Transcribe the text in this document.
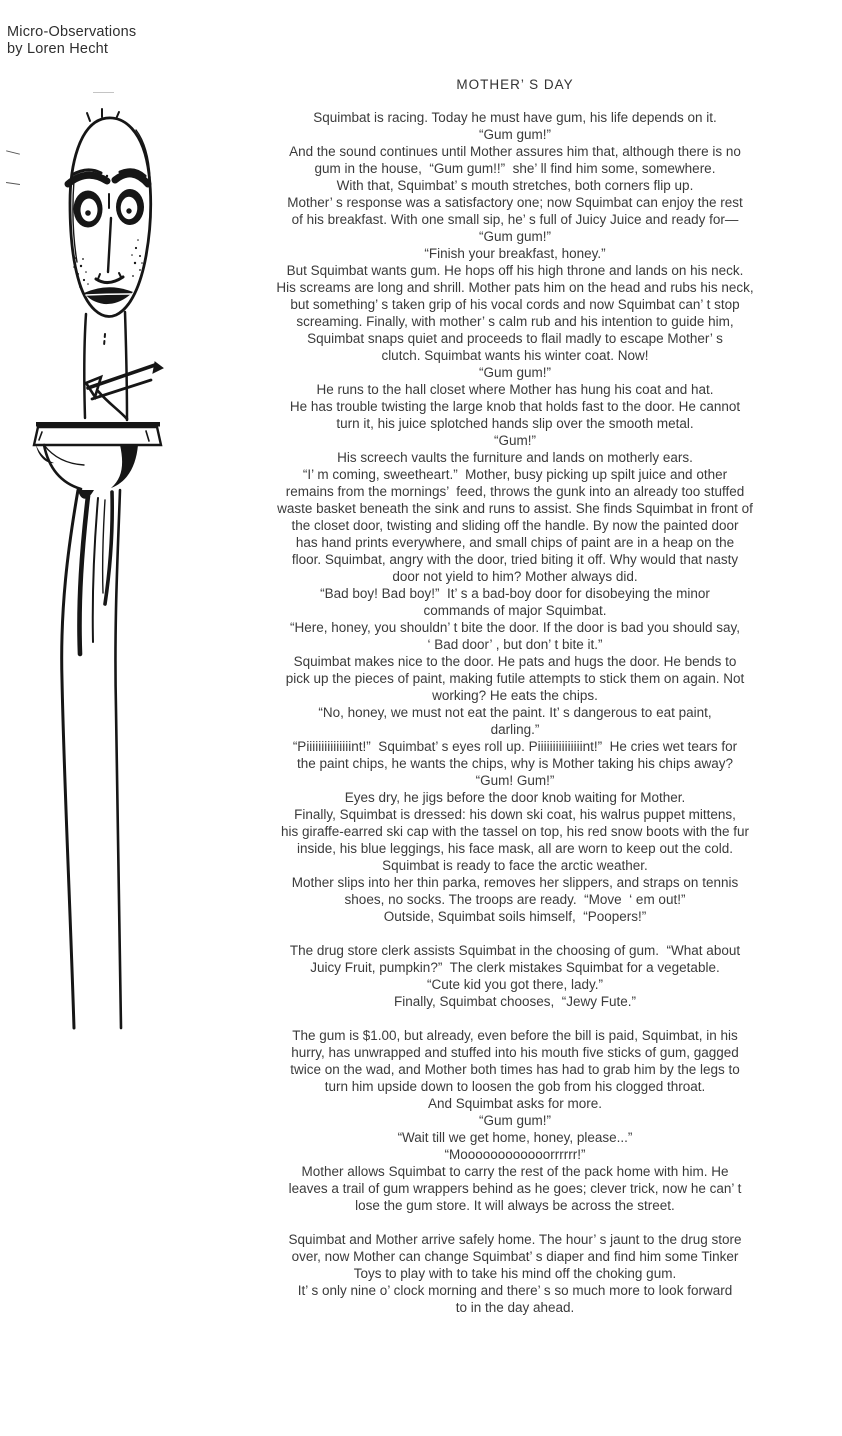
Micro-Observations
by Loren Hecht
MOTHER’ S DAY
Squimbat is racing. Today he must have gum, his life depends on it.
“Gum gum!”
And the sound continues until Mother assures him that, although there is no
gum in the house,  “Gum gum!!”  she’ ll find him some, somewhere.
With that, Squimbat’ s mouth stretches, both corners flip up.
Mother’ s response was a satisfactory one; now Squimbat can enjoy the rest
of his breakfast. With one small sip, he’ s full of Juicy Juice and ready for—
“Gum gum!”
“Finish your breakfast, honey.”
But Squimbat wants gum. He hops off his high throne and lands on his neck.
His screams are long and shrill. Mother pats him on the head and rubs his neck,
but something’ s taken grip of his vocal cords and now Squimbat can’ t stop
screaming. Finally, with mother’ s calm rub and his intention to guide him,
Squimbat snaps quiet and proceeds to flail madly to escape Mother’ s
clutch. Squimbat wants his winter coat. Now!
“Gum gum!”
He runs to the hall closet where Mother has hung his coat and hat.
He has trouble twisting the large knob that holds fast to the door. He cannot
turn it, his juice splotched hands slip over the smooth metal.
“Gum!”
His screech vaults the furniture and lands on motherly ears.
“I’ m coming, sweetheart.”  Mother, busy picking up spilt juice and other
remains from the mornings’  feed, throws the gunk into an already too stuffed
waste basket beneath the sink and runs to assist. She finds Squimbat in front of
the closet door, twisting and sliding off the handle. By now the painted door
has hand prints everywhere, and small chips of paint are in a heap on the
floor. Squimbat, angry with the door, tried biting it off. Why would that nasty
door not yield to him? Mother always did.
“Bad boy! Bad boy!”  It’ s a bad-boy door for disobeying the minor
commands of major Squimbat.
“Here, honey, you shouldn’ t bite the door. If the door is bad you should say,
‘ Bad door’ , but don’ t bite it.”
Squimbat makes nice to the door. He pats and hugs the door. He bends to
pick up the pieces of paint, making futile attempts to stick them on again. Not
working? He eats the chips.
“No, honey, we must not eat the paint. It’ s dangerous to eat paint,
darling.”
“Piiiiiiiiiiiiiiint!”  Squimbat’ s eyes roll up. Piiiiiiiiiiiiiiint!”  He cries wet tears for
the paint chips, he wants the chips, why is Mother taking his chips away?
“Gum! Gum!”
Eyes dry, he jigs before the door knob waiting for Mother.
Finally, Squimbat is dressed: his down ski coat, his walrus puppet mittens,
his giraffe-earred ski cap with the tassel on top, his red snow boots with the fur
inside, his blue leggings, his face mask, all are worn to keep out the cold.
Squimbat is ready to face the arctic weather.
Mother slips into her thin parka, removes her slippers, and straps on tennis
shoes, no socks. The troops are ready.  “Move  ‘ em out!”
Outside, Squimbat soils himself,  “Poopers!”
The drug store clerk assists Squimbat in the choosing of gum.  “What about
Juicy Fruit, pumpkin?”  The clerk mistakes Squimbat for a vegetable.
“Cute kid you got there, lady.”
Finally, Squimbat chooses,  “Jewy Fute.”
The gum is $1.00, but already, even before the bill is paid, Squimbat, in his
hurry, has unwrapped and stuffed into his mouth five sticks of gum, gagged
twice on the wad, and Mother both times has had to grab him by the legs to
turn him upside down to loosen the gob from his clogged throat.
And Squimbat asks for more.
“Gum gum!”
“Wait till we get home, honey, please...”
“Moooooooooooorrrrrr!”
Mother allows Squimbat to carry the rest of the pack home with him. He
leaves a trail of gum wrappers behind as he goes; clever trick, now he can’ t
lose the gum store. It will always be across the street.
Squimbat and Mother arrive safely home. The hour’ s jaunt to the drug store
over, now Mother can change Squimbat’ s diaper and find him some Tinker
Toys to play with to take his mind off the choking gum.
It’ s only nine o’ clock morning and there’ s so much more to look forward
to in the day ahead.
